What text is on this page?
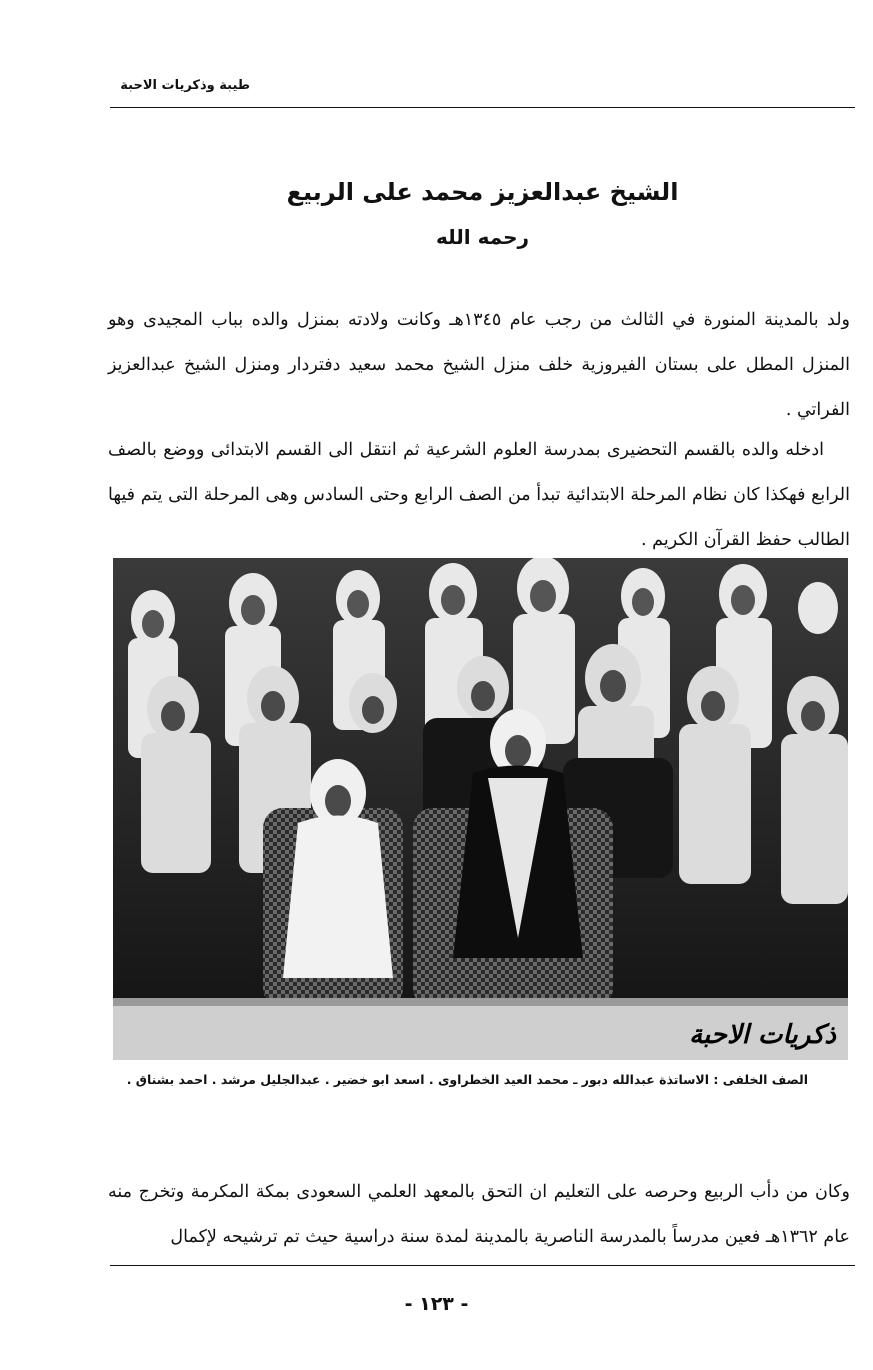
طيبة وذكريات الاحبة
الشيخ عبدالعزيز محمد على الربيع
رحمه الله

ولد بالمدينة المنورة في الثالث من رجب عام ١٣٤٥هـ وكانت ولادته بمنزل والده بباب المجيدى وهو المنزل المطل على بستان الفيروزية خلف منزل الشيخ محمد سعيد دفتردار ومنزل الشيخ عبدالعزيز الفراتي .

ادخله والده بالقسم التحضيرى بمدرسة العلوم الشرعية ثم انتقل الى القسم الابتدائى ووضع بالصف الرابع فهكذا كان نظام المرحلة الابتدائية تبدأ من الصف الرابع وحتى السادس وهى المرحلة التى يتم فيها الطالب حفظ القرآن الكريم .

ذكريات الاحبة
الصف الخلفى : الاساتذة عبدالله دبور ـ محمد العيد الخطراوى . اسعد ابو خضير . عبدالجليل مرشد . احمد بشناق .

وكان من دأب الربيع وحرصه على التعليم ان التحق بالمعهد العلمي السعودى بمكة المكرمة وتخرج منه عام ١٣٦٢هـ فعين مدرساً بالمدرسة الناصرية بالمدينة لمدة سنة دراسية حيث تم ترشيحه لإكمال

- ١٢٣ -
